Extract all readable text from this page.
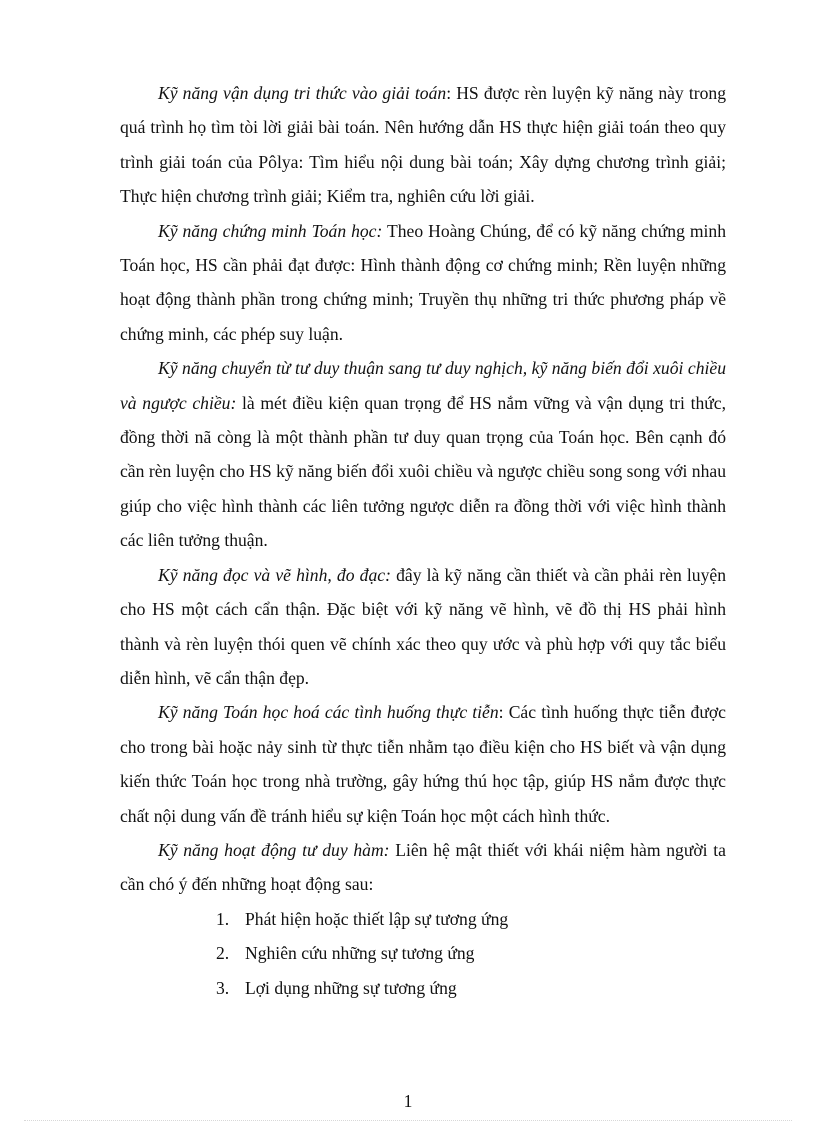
Kỹ năng vận dụng tri thức vào giải toán: HS được rèn luyện kỹ năng này trong quá trình họ tìm tòi lời giải bài toán. Nên hướng dẫn HS thực hiện giải toán theo quy trình giải toán của Pôlya: Tìm hiểu nội dung bài toán; Xây dựng chương trình giải; Thực hiện chương trình giải; Kiểm tra, nghiên cứu lời giải.

Kỹ năng chứng minh Toán học: Theo Hoàng Chúng, để có kỹ năng chứng minh Toán học, HS cần phải đạt được: Hình thành động cơ chứng minh; Rền luyện những hoạt động thành phần trong chứng minh; Truyền thụ những tri thức phương pháp về chứng minh, các phép suy luận.

Kỹ năng chuyển từ tư duy thuận sang tư duy nghịch, kỹ năng biến đổi xuôi chiều và ngược chiều: là mét điều kiện quan trọng để HS nắm vững và vận dụng tri thức, đồng thời nã còng là một thành phần tư duy quan trọng của Toán học. Bên cạnh đó cần rèn luyện cho HS kỹ năng biến đổi xuôi chiều và ngược chiều song song với nhau giúp cho việc hình thành các liên tưởng ngược diễn ra đồng thời với việc hình thành các liên tưởng thuận.

Kỹ năng đọc và vẽ hình, đo đạc: đây là kỹ năng cần thiết và cần phải rèn luyện cho HS một cách cẩn thận. Đặc biệt với kỹ năng vẽ hình, vẽ đồ thị HS phải hình thành và rèn luyện thói quen vẽ chính xác theo quy ước và phù hợp với quy tắc biểu diễn hình, vẽ cẩn thận đẹp.

Kỹ năng Toán học hoá các tình huống thực tiễn: Các tình huống thực tiễn được cho trong bài hoặc nảy sinh từ thực tiễn nhằm tạo điều kiện cho HS biết và vận dụng kiến thức Toán học trong nhà trường, gây hứng thú học tập, giúp HS nắm được thực chất nội dung vấn đề tránh hiểu sự kiện Toán học một cách hình thức.

Kỹ năng hoạt động tư duy hàm: Liên hệ mật thiết với khái niệm hàm người ta cần chó ý đến những hoạt động sau:

1. Phát hiện hoặc thiết lập sự tương ứng
2. Nghiên cứu những sự tương ứng
3. Lợi dụng những sự tương ứng
1
